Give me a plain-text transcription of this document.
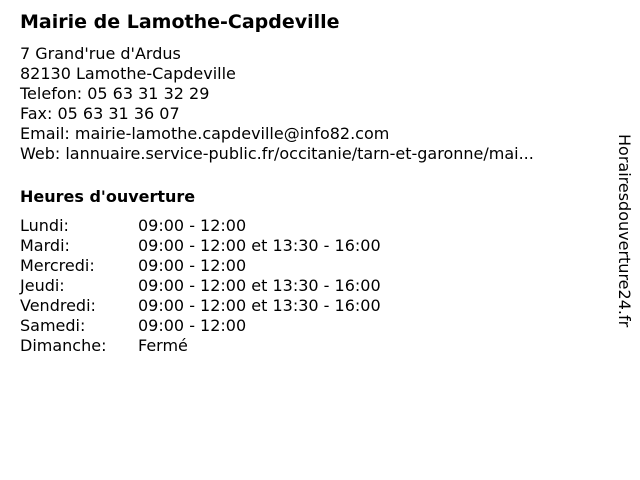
Mairie de Lamothe-Capdeville
7 Grand'rue d'Ardus
82130 Lamothe-Capdeville
Telefon: 05 63 31 32 29
Fax: 05 63 31 36 07
Email: mairie-lamothe.capdeville@info82.com
Web: lannuaire.service-public.fr/occitanie/tarn-et-garonne/mai...
Heures d'ouverture
Lundi:	09:00 - 12:00
Mardi:	09:00 - 12:00 et 13:30 - 16:00
Mercredi:	09:00 - 12:00
Jeudi:	09:00 - 12:00 et 13:30 - 16:00
Vendredi:	09:00 - 12:00 et 13:30 - 16:00
Samedi:	09:00 - 12:00
Dimanche:	Fermé
Horairesdouverture24.fr
